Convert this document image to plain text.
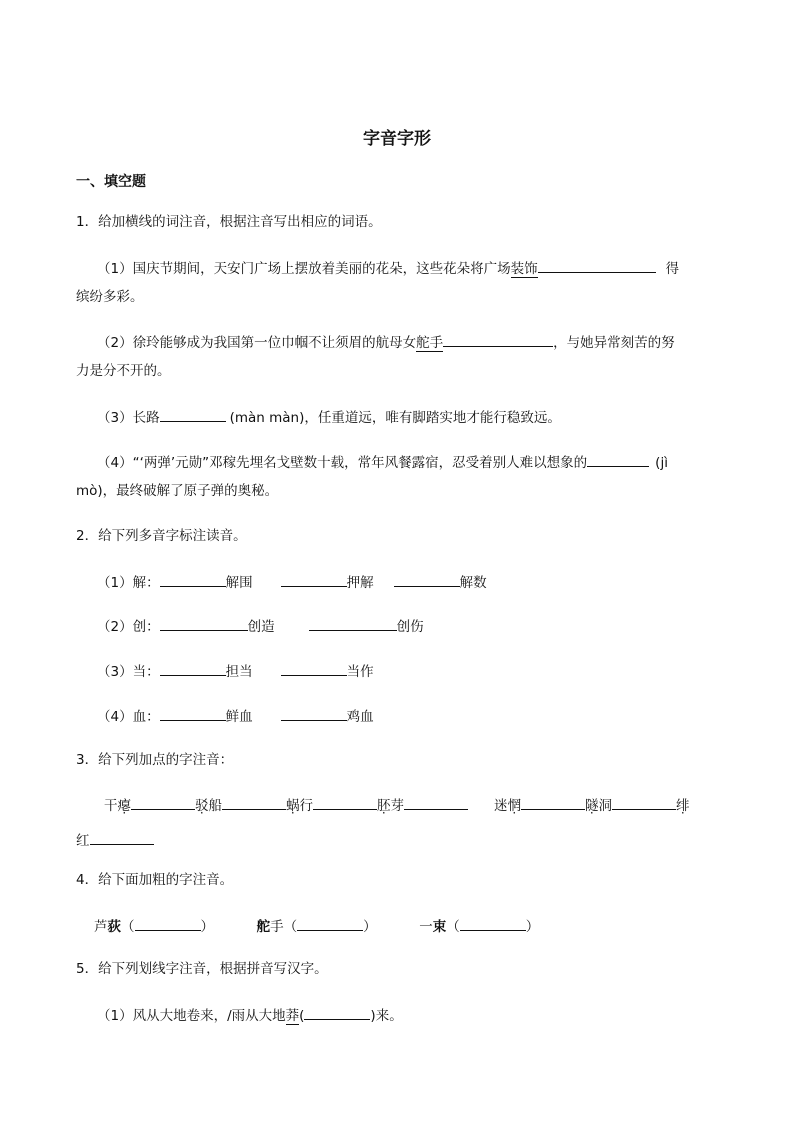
字音字形
一、填空题
1．给加横线的词注音，根据注音写出相应的词语。
（1）国庆节期间，天安门广场上摆放着美丽的花朵，这些花朵将广场装饰	得
缤纷多彩。
（2）徐玲能够成为我国第一位巾帼不让须眉的航母女舵手	，与她异常刻苦的努
力是分不开的。
（3）长路	(màn màn)，任重道远，唯有脚踏实地才能行稳致远。
（4）“‘两弹’元勋”邓稼先埋名戈壁数十载，常年风餐露宿，忍受着别人难以想象的	(jì
mò)，最终破解了原子弹的奥秘。
2．给下列多音字标注读音。
（1）解：	解围	押解	解数
（2）创：	创造	创伤
（3）当：	担当	当作
（4）血：	鲜血	鸡血
3．给下列加点的字注音：
干瘪	驳船	蜗行	胚芽	迷惘	隧洞	绯
红
4．给下面加粗的字注音。
芦荻（	）	舵手（	）	一束（	）
5．给下列划线字注音，根据拼音写汉字。
（1）风从大地卷来，/雨从大地莽(	)来。
